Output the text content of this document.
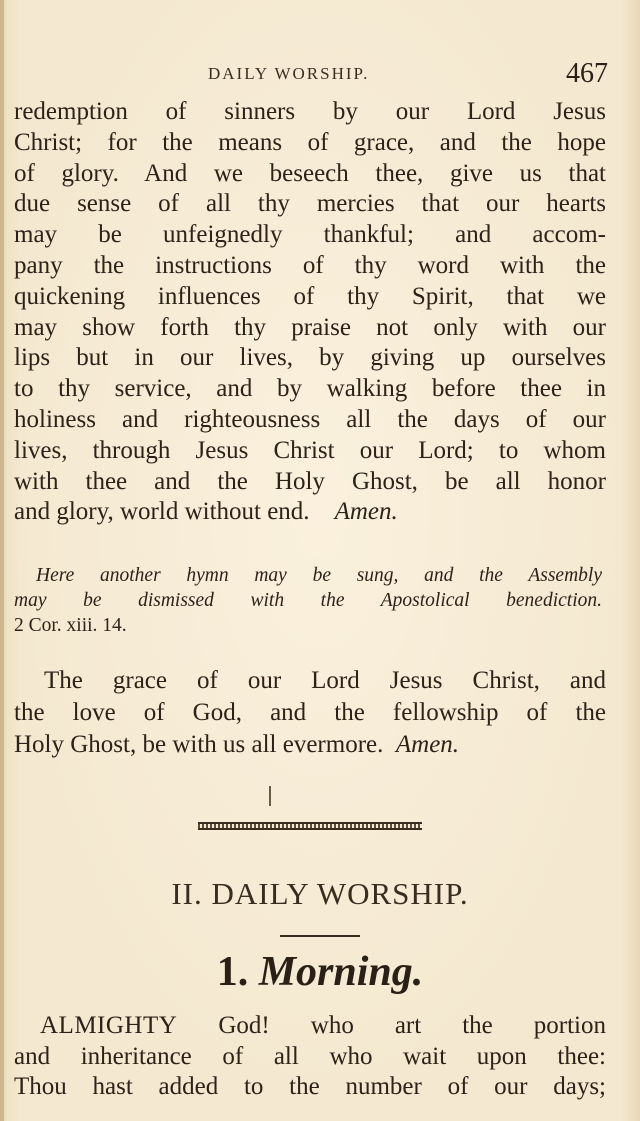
DAILY WORSHIP.	467
redemption of sinners by our Lord Jesus
Christ; for the means of grace, and the hope
of glory. And we beseech thee, give us that
due sense of all thy mercies that our hearts
may be unfeignedly thankful; and accom-
pany the instructions of thy word with the
quickening influences of thy Spirit, that we
may show forth thy praise not only with our
lips but in our lives, by giving up ourselves
to thy service, and by walking before thee in
holiness and righteousness all the days of our
lives, through Jesus Christ our Lord; to whom
with thee and the Holy Ghost, be all honor
and glory, world without end. Amen.
Here another hymn may be sung, and the Assembly
may be dismissed with the Apostolical benediction.
2 Cor. xiii. 14.
The grace of our Lord Jesus Christ, and
the love of God, and the fellowship of the
Holy Ghost, be with us all evermore. Amen.
II. DAILY WORSHIP.
1. Morning.
ALMIGHTY God! who art the portion
and inheritance of all who wait upon thee:
Thou hast added to the number of our days;
